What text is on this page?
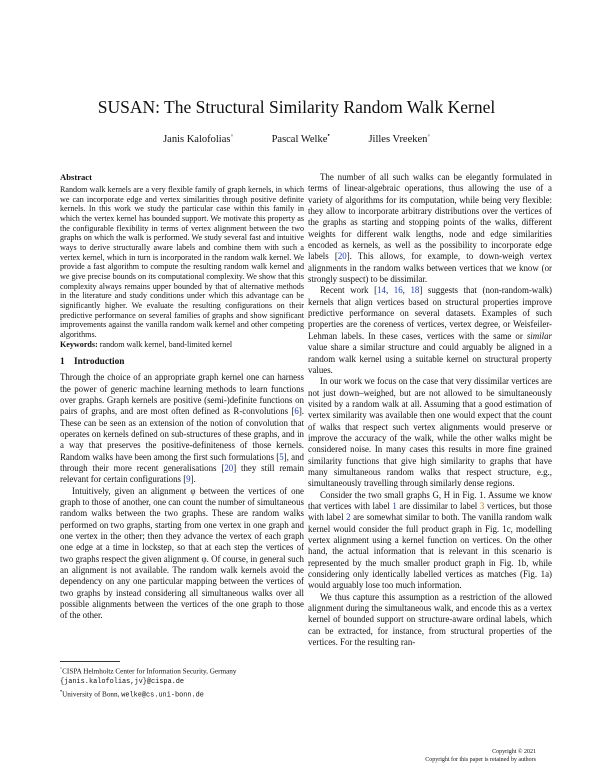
SUSAN: The Structural Similarity Random Walk Kernel
Janis Kalofolias◦	Pascal Welke•	Jilles Vreeken◦
Abstract

Random walk kernels are a very flexible family of graph kernels, in which we can incorporate edge and vertex similarities through positive definite kernels. In this work we study the particular case within this family in which the vertex kernel has bounded support. We motivate this property as the configurable flexibility in terms of vertex alignment between the two graphs on which the walk is performed. We study several fast and intuitive ways to derive structurally aware labels and combine them with such a vertex kernel, which in turn is incorporated in the random walk kernel. We provide a fast algorithm to compute the resulting random walk kernel and we give precise bounds on its computational complexity. We show that this complexity always remains upper bounded by that of alternative methods in the literature and study conditions under which this advantage can be significantly higher. We evaluate the resulting configurations on their predictive performance on several families of graphs and show significant improvements against the vanilla random walk kernel and other competing algorithms.

Keywords: random walk kernel, band-limited kernel

1 Introduction

Through the choice of an appropriate graph kernel one can harness the power of generic machine learning methods to learn functions over graphs. Graph kernels are positive (semi-)definite functions on pairs of graphs, and are most often defined as R-convolutions [6]. These can be seen as an extension of the notion of convolution that operates on kernels defined on sub-structures of these graphs, and in a way that preserves the positive-definiteness of those kernels. Random walks have been among the first such formulations [5], and through their more recent generalisations [20] they still remain relevant for certain configurations [9].

Intuitively, given an alignment φ between the vertices of one graph to those of another, one can count the number of simultaneous random walks between the two graphs. These are random walks performed on two graphs, starting from one vertex in one graph and one vertex in the other; then they advance the vertex of each graph one edge at a time in lockstep, so that at each step the vertices of two graphs respect the given alignment φ. Of course, in general such an alignment is not available. The random walk kernels avoid the dependency on any one particular mapping between the vertices of two graphs by instead considering all simultaneous walks over all possible alignments between the vertices of the one graph to those of the other.

◦CISPA Helmholtz Center for Information Security, Germany
{janis.kalofolias,jv}@cispa.de

•University of Bonn, welke@cs.uni-bonn.de

The number of all such walks can be elegantly formulated in terms of linear-algebraic operations, thus allowing the use of a variety of algorithms for its computation, while being very flexible: they allow to incorporate arbitrary distributions over the vertices of the graphs as starting and stopping points of the walks, different weights for different walk lengths, node and edge similarities encoded as kernels, as well as the possibility to incorporate edge labels [20]. This allows, for example, to down-weigh vertex alignments in the random walks between vertices that we know (or strongly suspect) to be dissimilar.

Recent work [14, 16, 18] suggests that (non-random-walk) kernels that align vertices based on structural properties improve predictive performance on several datasets. Examples of such properties are the coreness of vertices, vertex degree, or Weisfeiler-Lehman labels. In these cases, vertices with the same or similar value share a similar structure and could arguably be aligned in a random walk kernel using a suitable kernel on structural property values.

In our work we focus on the case that very dissimilar vertices are not just down–weighed, but are not allowed to be simultaneously visited by a random walk at all. Assuming that a good estimation of vertex similarity was available then one would expect that the count of walks that respect such vertex alignments would preserve or improve the accuracy of the walk, while the other walks might be considered noise. In many cases this results in more fine grained similarity functions that give high similarity to graphs that have many simultaneous random walks that respect structure, e.g., simultaneously travelling through similarly dense regions.

Consider the two small graphs G, H in Fig. 1. Assume we know that vertices with label 1 are dissimilar to label 3 vertices, but those with label 2 are somewhat similar to both. The vanilla random walk kernel would consider the full product graph in Fig. 1c, modelling vertex alignment using a kernel function on vertices. On the other hand, the actual information that is relevant in this scenario is represented by the much smaller product graph in Fig. 1b, while considering only identically labelled vertices as matches (Fig. 1a) would arguably lose too much information.

We thus capture this assumption as a restriction of the allowed alignment during the simultaneous walk, and encode this as a vertex kernel of bounded support on structure-aware ordinal labels, which can be extracted, for instance, from structural properties of the vertices. For the resulting ran-

Copyright © 2021
Copyright for this paper is retained by authors
